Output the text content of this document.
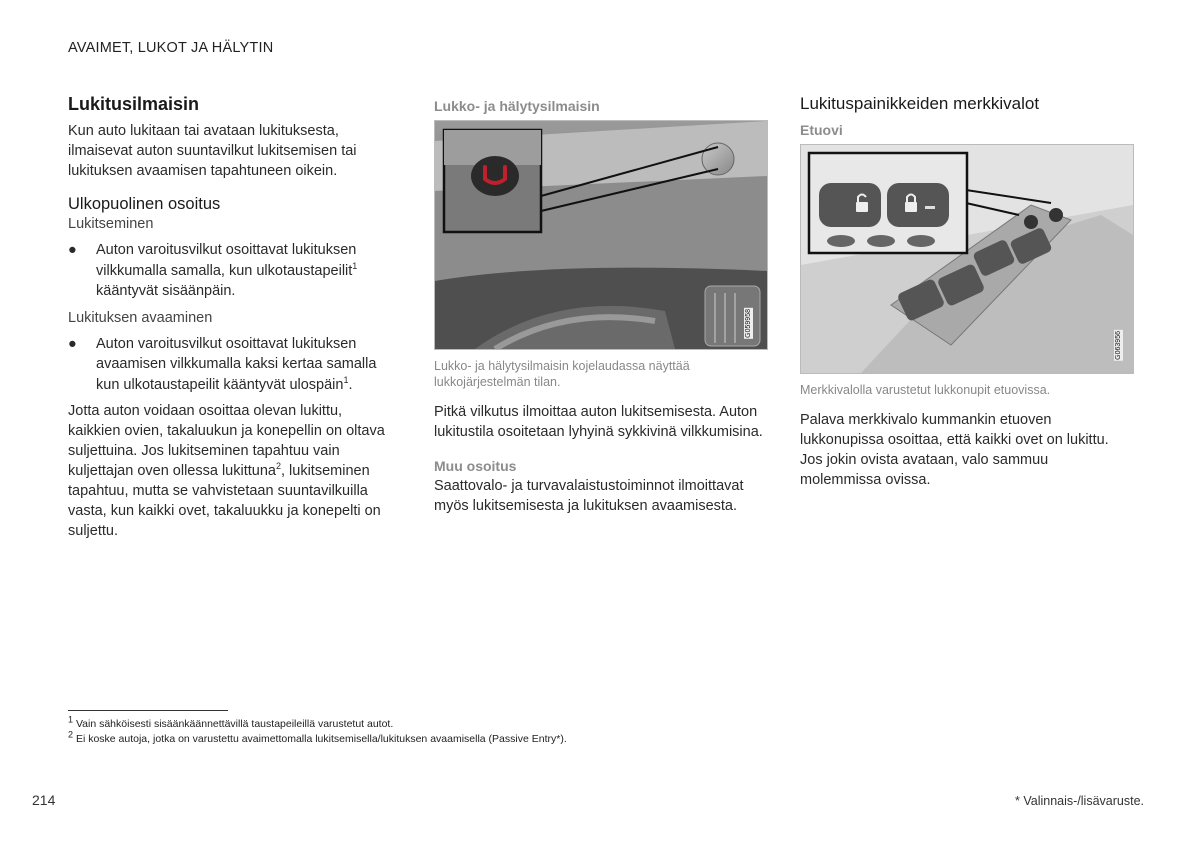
AVAIMET, LUKOT JA HÄLYTIN
Lukitusilmaisin

Kun auto lukitaan tai avataan lukituksesta, ilmaisevat auton suuntavilkut lukitsemisen tai lukituksen avaamisen tapahtuneen oikein.

Ulkopuolinen osoitus
Lukitseminen
● Auton varoitusvilkut osoittavat lukituksen vilkkumalla samalla, kun ulkotaustapeilit$^1$ kääntyvät sisäänpäin.
Lukituksen avaaminen
● Auton varoitusvilkut osoittavat lukituksen avaamisen vilkkumalla kaksi kertaa samalla kun ulkotaustapeilit kääntyvät ulospäin$^1$.

Jotta auton voidaan osoittaa olevan lukittu, kaikkien ovien, takaluukun ja konepellin on oltava suljettuina. Jos lukitseminen tapahtuu vain kuljettajan oven ollessa lukittuna$^2$, lukitseminen tapahtuu, mutta se vahvistetaan suuntavilkuilla vasta, kun kaikki ovet, takaluukku ja konepelti on suljettu.

Lukko- ja hälytysilmaisin
G059958
Lukko- ja hälytysilmaisin kojelaudassa näyttää lukkojärjestelmän tilan.

Pitkä vilkutus ilmoittaa auton lukitsemisesta. Auton lukitustila osoitetaan lyhyinä sykkivinä vilkkumisina.

Muu osoitus

Saattovalo- ja turvavalaistustoiminnot ilmoittavat myös lukitsemisesta ja lukituksen avaamisesta.

Lukituspainikkeiden merkkivalot
Etuovi
G063956
Merkkivalolla varustetut lukkonupit etuovissa.

Palava merkkivalo kummankin etuoven lukkonupissa osoittaa, että kaikki ovet on lukittu. Jos jokin ovista avataan, valo sammuu molemmissa ovissa.

$^1$ Vain sähköisesti sisäänkäännettävillä taustapeileillä varustetut autot.
$^2$ Ei koske autoja, jotka on varustettu avaimettomalla lukitsemisella/lukituksen avaamisella (Passive Entry*).
214	* Valinnais-/lisävaruste.
